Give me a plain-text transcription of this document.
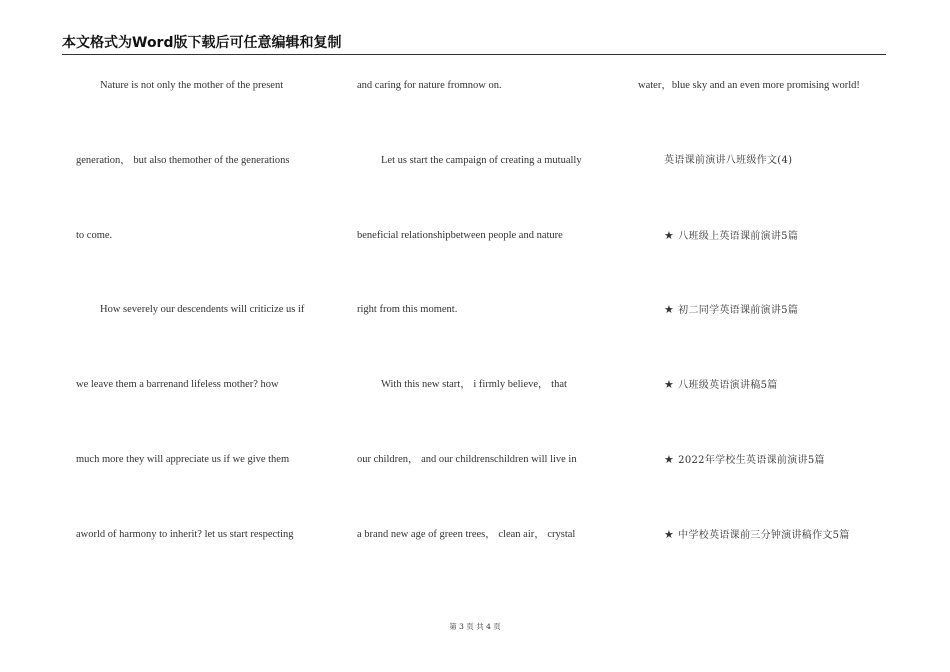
本文格式为Word版下载后可任意编辑和复制
Nature is not only the mother of the present
generation， but also themother of the generations
to come.
How severely our descendents will criticize us if
we leave them a barrenand lifeless mother? how
much more they will appreciate us if we give them
aworld of harmony to inherit? let us start respecting
and caring for nature fromnow on.
Let us start the campaign of creating a mutually
beneficial relationshipbetween people and nature
right from this moment.
With this new start， i firmly believe， that
our children， and our childrenschildren will live in
a brand new age of green trees， clean air， crystal
water，blue sky and an even more promising world!
英语课前演讲八班级作文(4)
★ 八班级上英语课前演讲5篇
★ 初二同学英语课前演讲5篇
★ 八班级英语演讲稿5篇
★ 2022年学校生英语课前演讲5篇
★ 中学校英语课前三分钟演讲稿作文5篇
第 3 页 共 4 页
